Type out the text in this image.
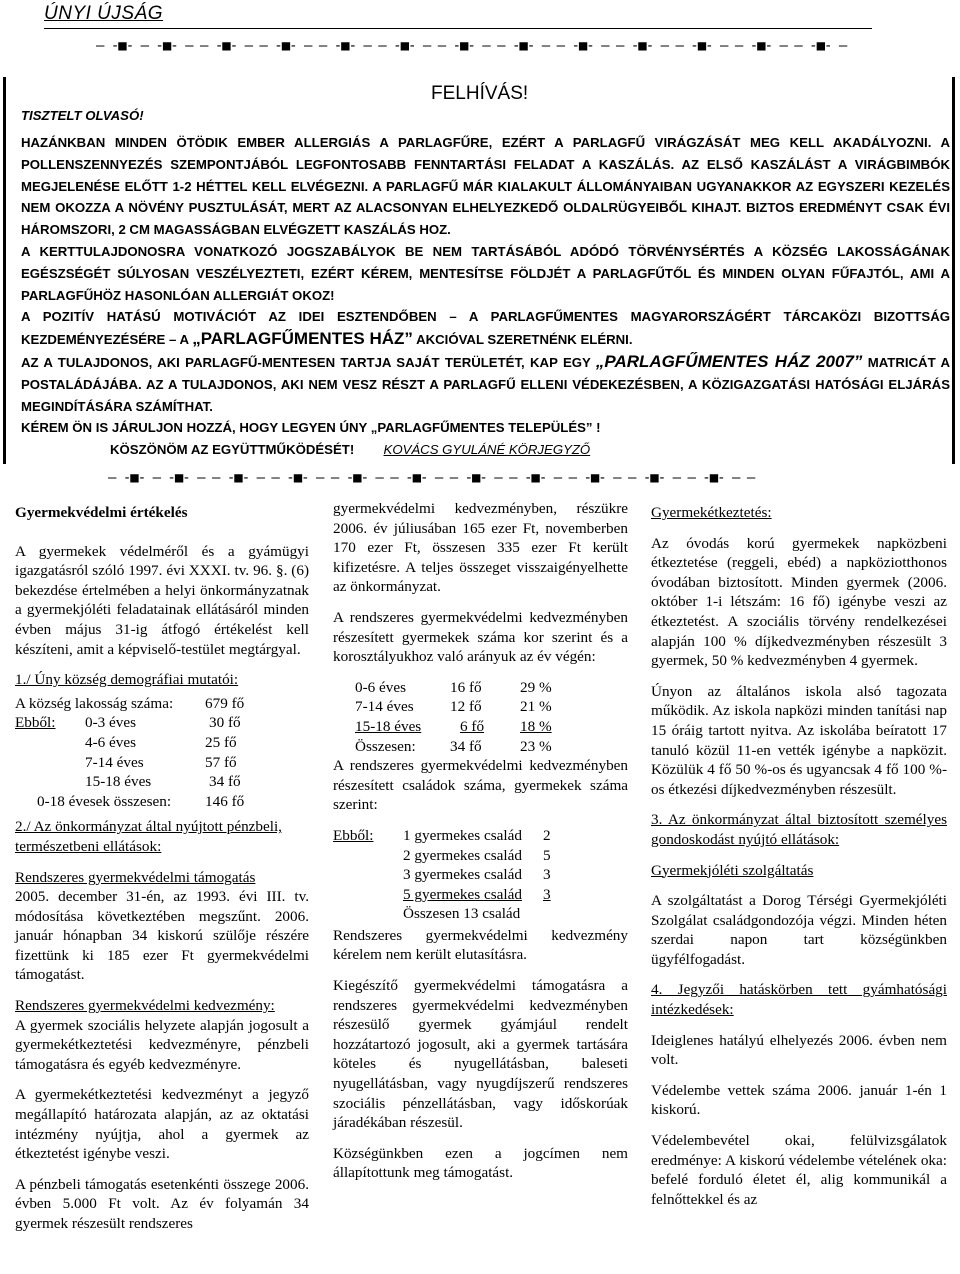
ÚNYI ÚJSÁG
— -■- — -■- — — -■- — — -■- — — -■- — — -■- — — -■- — — -■- — — -■- — — -■- — — -■- — — -■- — — -■- —
FELHÍVÁS!
TISZTELT OLVASÓ!
HAZÁNKBAN MINDEN ÖTÖDIK EMBER ALLERGIÁS A PARLAGFŰRE, EZÉRT A PARLAGFŰ VIRÁGZÁSÁT MEG KELL AKADÁLYOZNI. A POLLENSZENNYEZÉS SZEMPONTJÁBÓL LEGFONTOSABB FENNTARTÁSI FELADAT A KASZÁLÁS. AZ ELSŐ KASZÁLÁST A VIRÁGBIMBÓK MEGJELENÉSE ELŐTT 1-2 HÉTTEL KELL ELVÉGEZNI. A PARLAGFŰ MÁR KIALAKULT ÁLLOMÁNYAIBAN UGYANAKKOR AZ EGYSZERI KEZELÉS NEM OKOZZA A NÖVÉNY PUSZTULÁSÁT, MERT AZ ALACSONYAN ELHELYEZKEDŐ OLDALRÜGYEIBŐL KIHAJT. BIZTOS EREDMÉNYT CSAK ÉVI HÁROMSZORI, 2 CM MAGASSÁGBAN ELVÉGZETT KASZÁLÁS HOZ.
A KERTTULAJDONOSRA VONATKOZÓ JOGSZABÁLYOK BE NEM TARTÁSÁBÓL ADÓDÓ TÖRVÉNYSÉRTÉS A KÖZSÉG LAKOSSÁGÁNAK EGÉSZSÉGÉT SÚLYOSAN VESZÉLYEZTETI, EZÉRT KÉREM, MENTESÍTSE FÖLDJÉT A PARLAGFŰTŐL ÉS MINDEN OLYAN FŰFAJTÓL, AMI A PARLAGFŰHÖZ HASONLÓAN ALLERGIÁT OKOZ!
A POZITÍV HATÁSÚ MOTIVÁCIÓT AZ IDEI ESZTENDŐBEN – A PARLAGFŰMENTES MAGYARORSZÁGÉRT TÁRCAKÖZI BIZOTTSÁG KEZDEMÉNYEZÉSÉRE – A „PARLAGFŰMENTES HÁZ” AKCIÓVAL SZERETNÉNK ELÉRNI.
AZ A TULAJDONOS, AKI PARLAGFŰ-MENTESEN TARTJA SAJÁT TERÜLETÉT, KAP EGY „PARLAGFŰMENTES HÁZ 2007” MATRICÁT A POSTALÁDÁJÁBA. AZ A TULAJDONOS, AKI NEM VESZ RÉSZT A PARLAGFŰ ELLENI VÉDEKEZÉSBEN, A KÖZIGAZGATÁSI HATÓSÁGI ELJÁRÁS MEGINDÍTÁSÁRA SZÁMÍTHAT.
KÉREM ÖN IS JÁRULJON HOZZÁ, HOGY LEGYEN ÚNY „PARLAGFŰMENTES TELEPÜLÉS” !
KÖSZÖNÖM AZ EGYÜTTMŰKÖDÉSÉT! KOVÁCS GYULÁNÉ KÖRJEGYZŐ
— -■- — -■- — — -■- — — -■- — — -■- — — -■- — — -■- — — -■- — — -■- — — -■- — — -■- — —

Gyermekvédelmi értékelés

A gyermekek védelméről és a gyámügyi igazgatásról szóló 1997. évi XXXI. tv. 96. §. (6) bekezdése értelmében a helyi önkormányzatnak a gyermekjóléti feladatainak ellátásáról minden évben május 31-ig átfogó értékelést kell készíteni, amit a képviselő-testület megtárgyal.

1./ Úny község demográfiai mutatói:

A község lakosság száma:	679 fő
Ebből:	0-3 éves	30 fő
4-6 éves	25 fő
7-14 éves	57 fő
15-18 éves	34 fő
0-18 évesek összesen:	146 fő

2./ Az önkormányzat által nyújtott pénzbeli, természetbeni ellátások:

Rendszeres gyermekvédelmi támogatás

2005. december 31-én, az 1993. évi III. tv. módosítása következtében megszűnt. 2006. január hónapban 34 kiskorú szülője részére fizettünk ki 185 ezer Ft gyermekvédelmi támogatást.

Rendszeres gyermekvédelmi kedvezmény:

A gyermek szociális helyzete alapján jogosult a gyermekétkeztetési kedvezményre, pénzbeli támogatásra és egyéb kedvezményre.

A gyermekétkeztetési kedvezményt a jegyző megállapító határozata alapján, az az oktatási intézmény nyújtja, ahol a gyermek az étkeztetést igénybe veszi.

A pénzbeli támogatás esetenkénti összege 2006. évben 5.000 Ft volt. Az év folyamán 34 gyermek részesült rendszeres

gyermekvédelmi kedvezményben, részükre 2006. év júliusában 165 ezer Ft, novemberben 170 ezer Ft, összesen 335 ezer Ft került kifizetésre. A teljes összeget visszaigényelhette az önkormányzat.

A rendszeres gyermekvédelmi kedvezményben részesített gyermekek száma kor szerint és a korosztályukhoz való arányuk az év végén:

0-6 éves	16 fő	29 %
7-14 éves	12 fő	21 %
15-18 éves	6 fő	18 %
Összesen:	34 fő	23 %

A rendszeres gyermekvédelmi kedvezményben részesített családok száma, gyermekek száma szerint:

Ebből:	1 gyermekes család	2
2 gyermekes család	5
3 gyermekes család	3
5 gyermekes család	3
Összesen 13 család

Rendszeres gyermekvédelmi kedvezmény kérelem nem került elutasításra.

Kiegészítő gyermekvédelmi támogatásra a rendszeres gyermekvédelmi kedvezményben részesülő gyermek gyámjául rendelt hozzátartozó jogosult, aki a gyermek tartására köteles és nyugellátásban, baleseti nyugellátásban, vagy nyugdíjszerű rendszeres szociális pénzellátásban, vagy időskorúak járadékában részesül.

Községünkben ezen a jogcímen nem állapítottunk meg támogatást.

Gyermekétkeztetés:

Az óvodás korú gyermekek napközbeni étkeztetése (reggeli, ebéd) a napköziotthonos óvodában biztosított. Minden gyermek (2006. október 1-i létszám: 16 fő) igénybe veszi az étkeztetést. A szociális törvény rendelkezései alapján 100 % díjkedvezményben részesült 3 gyermek, 50 % kedvezményben 4 gyermek.

Únyon az általános iskola alsó tagozata működik. Az iskola napközi minden tanítási nap 15 óráig tartott nyitva. Az iskolába beíratott 17 tanuló közül 11-en vették igénybe a napközit. Közülük 4 fő 50 %-os és ugyancsak 4 fő 100 %-os étkezési díjkedvezményben részesült.

3. Az önkormányzat által biztosított személyes gondoskodást nyújtó ellátások:

Gyermekjóléti szolgáltatás

A szolgáltatást a Dorog Térségi Gyermekjóléti Szolgálat családgondozója végzi. Minden héten szerdai napon tart községünkben ügyfélfogadást.

4. Jegyzői hatáskörben tett gyámhatósági intézkedések:

Ideiglenes hatályú elhelyezés 2006. évben nem volt.

Védelembe vettek száma 2006. január 1-én 1 kiskorú.

Védelembevétel okai, felülvizsgálatok eredménye: A kiskorú védelembe vételének oka: befelé forduló életet él, alig kommunikál a felnőttekkel és az
